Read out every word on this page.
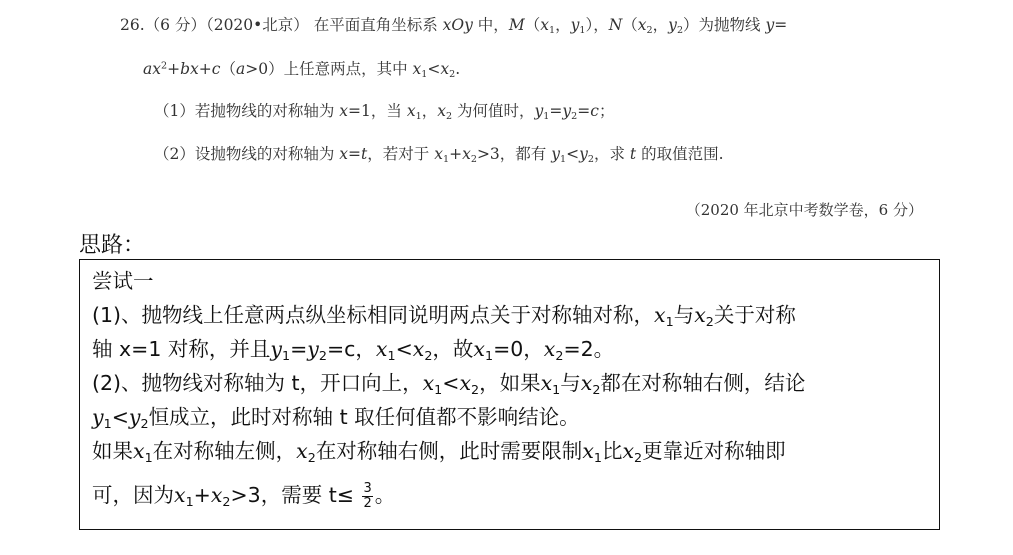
26.（6 分）（2020•北京） 在平面直角坐标系 xOy 中，$M(x_1$，$y_1$），$N(x_2$，$y_2$）为抛物线 y=
$ax^2+bx+c(a>0)$上任意两点，其中 $x_1<x_2$.
（1）若抛物线的对称轴为 x=1，当 $x_1$，$x_2$ 为何值时，$y_1=y_2=c$；
（2）设抛物线的对称轴为 x=t，若对于 $x_1+x_2>3$，都有 $y_1<y_2$，求 t 的取值范围.
（2020 年北京中考数学卷，6 分）
思路：
尝试一
(1)、抛物线上任意两点纵坐标相同说明两点关于对称轴对称，$x_1$与$x_2$关于对称
轴 x=1 对称，并且$y_1=y_2=c$，$x_1<x_2$，故$x_1=0$，$x_2=2$。
(2)、抛物线对称轴为 t，开口向上，$x_1<x_2$，如果$x_1$与$x_2$都在对称轴右侧，结论
$y_1<y_2$恒成立，此时对称轴 t 取任何值都不影响结论。
如果$x_1$在对称轴左侧，$x_2$在对称轴右侧，此时需要限制$x_1$比$x_2$更靠近对称轴即
可，因为$x_1+x_2>3$，需要 $t\le \frac{3}{2}$ 。
